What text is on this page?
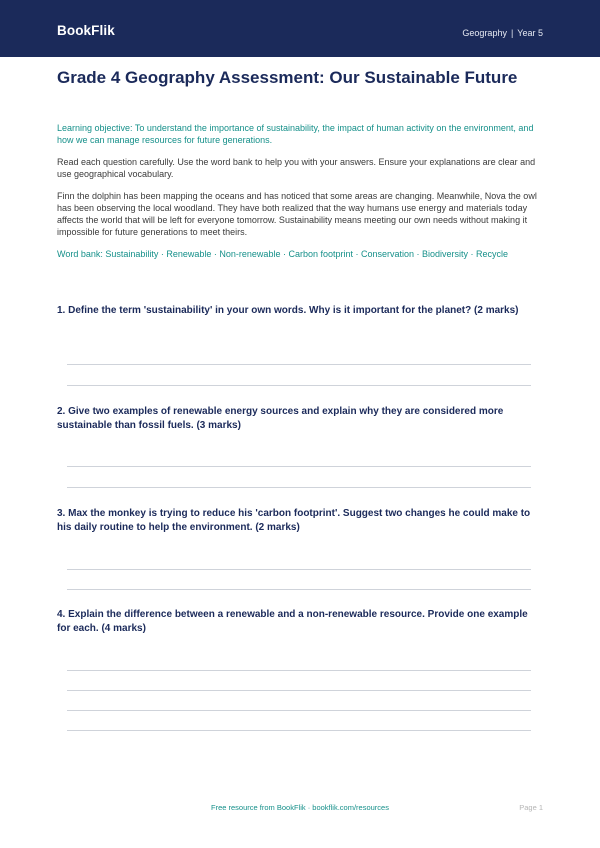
BookFlik	Geography | Year 5
Grade 4 Geography Assessment: Our Sustainable Future

Learning objective: To understand the importance of sustainability, the impact of human activity on the environment, and how we can manage resources for future generations.

Read each question carefully. Use the word bank to help you with your answers. Ensure your explanations are clear and use geographical vocabulary.

Finn the dolphin has been mapping the oceans and has noticed that some areas are changing. Meanwhile, Nova the owl has been observing the local woodland. They have both realized that the way humans use energy and materials today affects the world that will be left for everyone tomorrow. Sustainability means meeting our own needs without making it impossible for future generations to meet theirs.

Word bank: Sustainability · Renewable · Non-renewable · Carbon footprint · Conservation · Biodiversity · Recycle

1. Define the term 'sustainability' in your own words. Why is it important for the planet? (2 marks)

2. Give two examples of renewable energy sources and explain why they are considered more sustainable than fossil fuels. (3 marks)

3. Max the monkey is trying to reduce his 'carbon footprint'. Suggest two changes he could make to his daily routine to help the environment. (2 marks)

4. Explain the difference between a renewable and a non-renewable resource. Provide one example for each. (4 marks)

Free resource from BookFlik · bookflik.com/resources	Page 1
